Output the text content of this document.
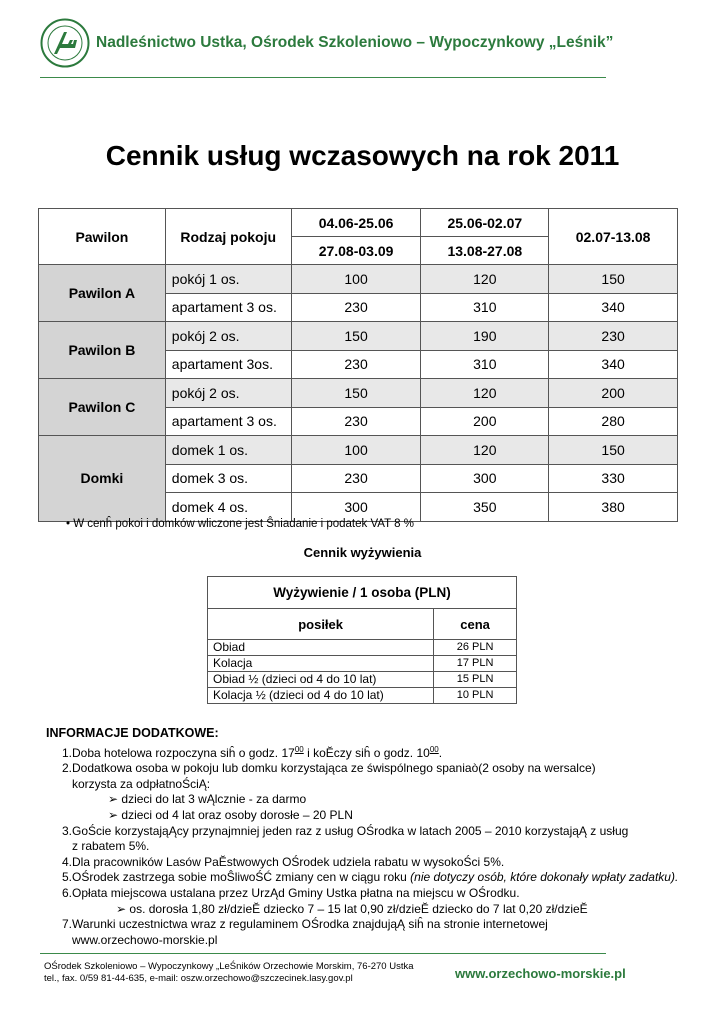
Nadleśnictwo Ustka, Ośrodek Szkoleniowo – Wypoczynkowy „Leśnik”
Cennik usług wczasowych na rok 2011
Pawilon	Rodzaj pokoju	04.06-25.06	25.06-02.07	02.07-13.08
		27.08-03.09	13.08-27.08	
Pawilon A	pokój 1 os.	100	120	150
	apartament 3 os.	230	310	340
Pawilon B	pokój 2 os.	150	190	230
	apartament 3os.	230	310	340
Pawilon C	pokój 2 os.	150	120	200
	apartament 3 os.	230	200	280
Domki	domek 1 os.	100	120	150
	domek 3 os.	230	300	330
	domek 4 os.	300	350	380
• W cenĥ pokoi i domków wliczone jest Ŝniadanie i podatek VAT 8 %
Cennik wyżywienia
Wyżywienie / 1 osoba (PLN)	
posiłek	cena
Obiad	26 PLN
Kolacja	17 PLN
Obiad ½ (dzieci od 4 do 10 lat)	15 PLN
Kolacja ½ (dzieci od 4 do 10 lat)	10 PLN
INFORMACJE DODATKOWE:
1.Doba hotelowa rozpoczyna siĥ o godz. $17^{00}$ i koĔczy siĥ o godz. $10^{00}$.
2.Dodatkowa osoba w pokoju lub domku korzystająca ze świspólnego spaniaò(2 osoby na wersalce)
korzysta za odpłatnoŚciĄ:
➢ dzieci do lat 3 wĄlcznie - za darmo
➢ dzieci od 4 lat oraz osoby dorosłe – 20 PLN
3.GoŚcie korzystająĄcy przynajmniej jeden raz z usług OŚrodka w latach 2005 – 2010 korzystająĄ z usług
z rabatem 5%.
4.Dla pracowników Lasów PaĔstwowych OŚrodek udziela rabatu w wysokoŚci 5%.
5.OŚrodek zastrzega sobie moŜliwoŚĆ zmiany cen w ciągu roku (nie dotyczy osób, które dokonały wpłaty zadatku).
6.Opłata miejscowa ustalana przez UrzĄd Gminy Ustka płatna na miejscu w OŚrodku.
➢ os. dorosła 1,80 zł/dzieĔ dziecko 7 – 15 lat 0,90 zł/dzieĔ dziecko do 7 lat 0,20 zł/dzieĔ
7.Warunki uczestnictwa wraz z regulaminem OŚrodka znajdująĄ siĥ na stronie internetowej
www.orzechowo-morskie.pl
OŚrodek Szkoleniowo – Wypoczynkowy „LeŚników Orzechowie Morskim, 76-270 Ustka
tel., fax. 0/59 81-44-635, e-mail: oszw.orzechowo@szczecinek.lasy.gov.pl	www.orzechowo-morskie.pl
